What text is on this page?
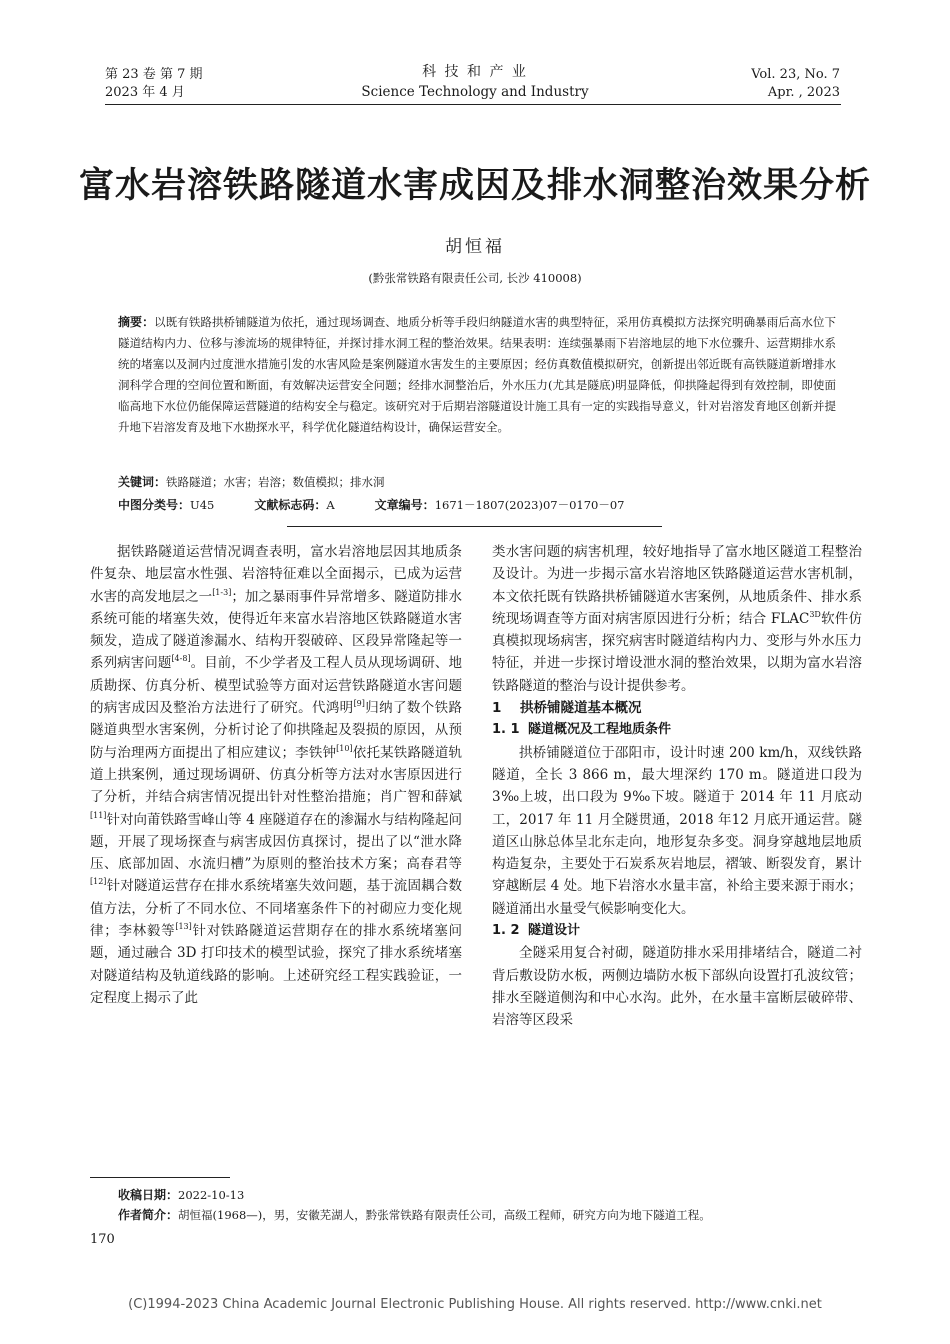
第 23 卷 第 7 期
2023 年 4 月
科 技 和 产 业
Science Technology and Industry
Vol. 23, No. 7
Apr. , 2023
富水岩溶铁路隧道水害成因及排水洞整治效果分析
胡恒福
(黔张常铁路有限责任公司, 长沙 410008)
摘要：以既有铁路拱桥铺隧道为依托，通过现场调查、地质分析等手段归纳隧道水害的典型特征，采用仿真模拟方法探究明确暴雨后高水位下隧道结构内力、位移与渗流场的规律特征，并探讨排水洞工程的整治效果。结果表明：连续强暴雨下岩溶地层的地下水位骤升、运营期排水系统的堵塞以及洞内过度泄水措施引发的水害风险是案例隧道水害发生的主要原因；经仿真数值模拟研究，创新提出邻近既有高铁隧道新增排水洞科学合理的空间位置和断面，有效解决运营安全问题；经排水洞整治后，外水压力(尤其是隧底)明显降低，仰拱隆起得到有效控制，即使面临高地下水位仍能保障运营隧道的结构安全与稳定。该研究对于后期岩溶隧道设计施工具有一定的实践指导意义，针对岩溶发育地区创新并提升地下岩溶发育及地下水勘探水平，科学优化隧道结构设计，确保运营安全。
关键词：铁路隧道；水害；岩溶；数值模拟；排水洞
中图分类号：U45	文献标志码：A	文章编号：1671－1807(2023)07－0170－07

据铁路隧道运营情况调查表明，富水岩溶地层因其地质条件复杂、地层富水性强、岩溶特征难以全面揭示，已成为运营水害的高发地层之一[1-3]；加之暴雨事件异常增多、隧道防排水系统可能的堵塞失效，使得近年来富水岩溶地区铁路隧道水害频发，造成了隧道渗漏水、结构开裂破碎、区段异常隆起等一系列病害问题[4-8]。目前，不少学者及工程人员从现场调研、地质勘探、仿真分析、模型试验等方面对运营铁路隧道水害问题的病害成因及整治方法进行了研究。代鸿明[9]归纳了数个铁路隧道典型水害案例，分析讨论了仰拱隆起及裂损的原因，从预防与治理两方面提出了相应建议；李铁钟[10]依托某铁路隧道轨道上拱案例，通过现场调研、仿真分析等方法对水害原因进行了分析，并结合病害情况提出针对性整治措施；肖广智和薛斌[11]针对向莆铁路雪峰山等 4 座隧道存在的渗漏水与结构隆起问题，开展了现场探查与病害成因仿真探讨，提出了以“泄水降压、底部加固、水流归槽”为原则的整治技术方案；高春君等[12]针对隧道运营存在排水系统堵塞失效问题，基于流固耦合数值方法，分析了不同水位、不同堵塞条件下的衬砌应力变化规律；李林毅等[13]针对铁路隧道运营期存在的排水系统堵塞问题，通过融合 3D 打印技术的模型试验，探究了排水系统堵塞对隧道结构及轨道线路的影响。上述研究经工程实践验证，一定程度上揭示了此

类水害问题的病害机理，较好地指导了富水地区隧道工程整治及设计。为进一步揭示富水岩溶地区铁路隧道运营水害机制，本文依托既有铁路拱桥铺隧道水害案例，从地质条件、排水系统现场调查等方面对病害原因进行分析；结合 $FLAC^{3D}$软件仿真模拟现场病害，探究病害时隧道结构内力、变形与外水压力特征，并进一步探讨增设泄水洞的整治效果，以期为富水岩溶铁路隧道的整治与设计提供参考。

1 拱桥铺隧道基本概况
1. 1 隧道概况及工程地质条件

拱桥铺隧道位于邵阳市，设计时速 200 km/h，双线铁路隧道，全长 3 866 m，最大埋深约 170 m。隧道进口段为 3‰上坡，出口段为 9‰下坡。隧道于 2014 年 11 月底动工，2017 年 11 月全隧贯通，2018 年12 月底开通运营。隧道区山脉总体呈北东走向，地形复杂多变。洞身穿越地层地质构造复杂，主要处于石炭系灰岩地层，褶皱、断裂发育，累计穿越断层 4 处。地下岩溶水水量丰富，补给主要来源于雨水；隧道涌出水量受气候影响变化大。

1. 2 隧道设计

全隧采用复合衬砌，隧道防排水采用排堵结合，隧道二衬背后敷设防水板，两侧边墙防水板下部纵向设置打孔波纹管；排水至隧道侧沟和中心水沟。此外，在水量丰富断层破碎带、岩溶等区段采

收稿日期：2022-10-13
作者简介：胡恒福(1968—)，男，安徽芜湖人，黔张常铁路有限责任公司，高级工程师，研究方向为地下隧道工程。
170
(C)1994-2023 China Academic Journal Electronic Publishing House. All rights reserved. http://www.cnki.net
